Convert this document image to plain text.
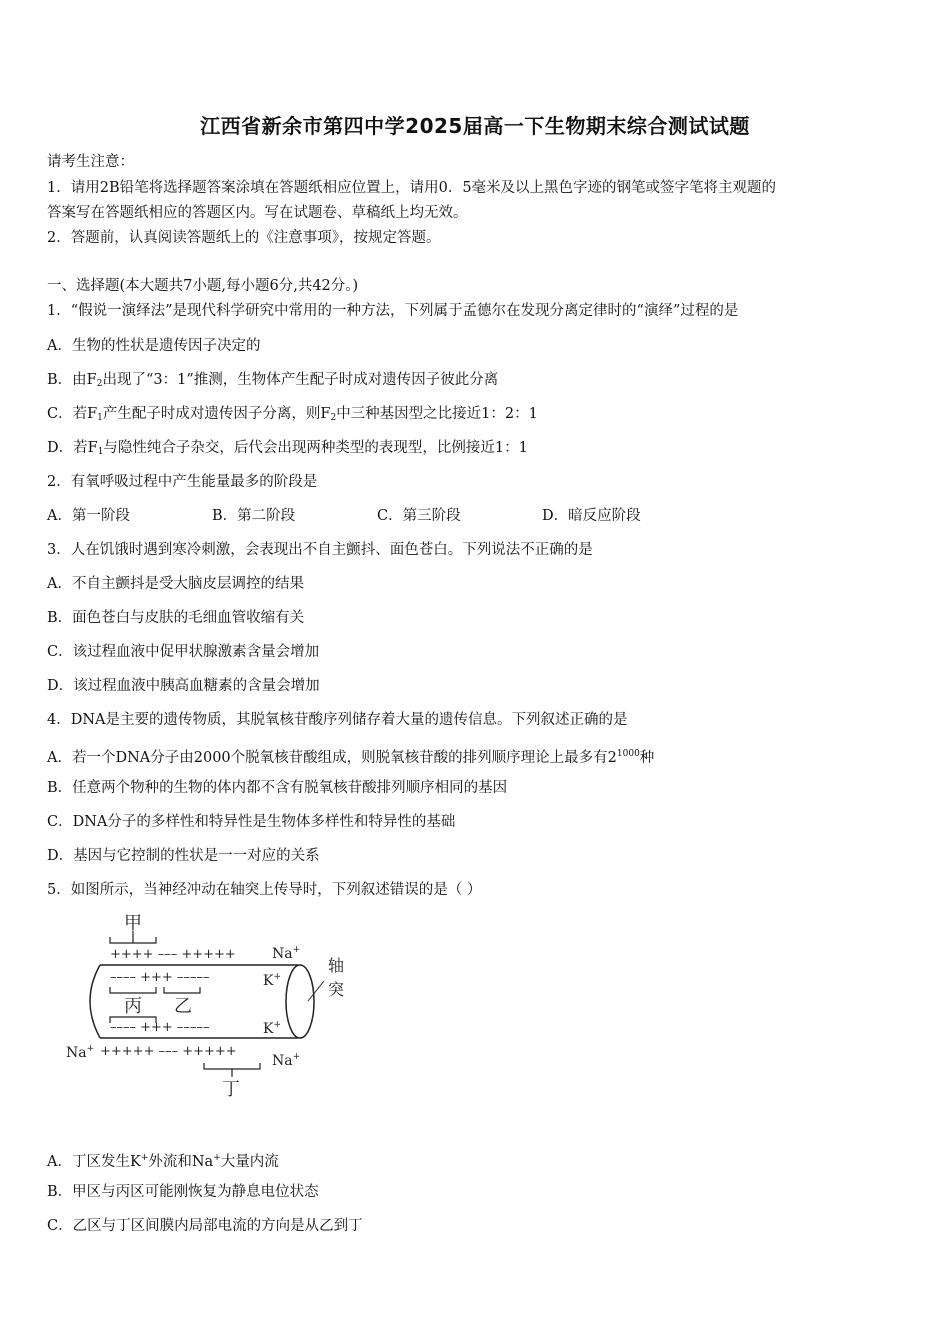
江西省新余市第四中学2025届高一下生物期末综合测试试题
请考生注意：
1．请用2B铅笔将选择题答案涂填在答题纸相应位置上，请用0．5毫米及以上黑色字迹的钢笔或签字笔将主观题的
答案写在答题纸相应的答题区内。写在试题卷、草稿纸上均无效。
2．答题前，认真阅读答题纸上的《注意事项》，按规定答题。
一、选择题(本大题共7小题,每小题6分,共42分。)
1．“假说一演绎法”是现代科学研究中常用的一种方法，下列属于孟德尔在发现分离定律时的“演绎”过程的是
A．生物的性状是遗传因子决定的
B．由$F_2$出现了“3：1”推测，生物体产生配子时成对遗传因子彼此分离
C．若$F_1$产生配子时成对遗传因子分离，则$F_2$中三种基因型之比接近1：2：1
D．若$F_1$与隐性纯合子杂交，后代会出现两种类型的表现型，比例接近1：1
2．有氧呼吸过程中产生能量最多的阶段是
A．第一阶段	B．第二阶段	C．第三阶段	D．暗反应阶段
3．人在饥饿时遇到寒冷刺激，会表现出不自主颤抖、面色苍白。下列说法不正确的是
A．不自主颤抖是受大脑皮层调控的结果
B．面色苍白与皮肤的毛细血管收缩有关
C．该过程血液中促甲状腺激素含量会增加
D．该过程血液中胰高血糖素的含量会增加
4．DNA是主要的遗传物质，其脱氧核苷酸序列储存着大量的遗传信息。下列叙述正确的是
A．若一个DNA分子由2000个脱氧核苷酸组成，则脱氧核苷酸的排列顺序理论上最多有$2^{1000}$种
B．任意两个物种的生物的体内都不含有脱氧核苷酸排列顺序相同的基因
C．DNA分子的多样性和特异性是生物体多样性和特异性的基础
D．基因与它控制的性状是一一对应的关系
5．如图所示，当神经冲动在轴突上传导时，下列叙述错误的是（ ）
甲
++++ ––– +++++	Na+
–––– +++ –––––	K+
丙 乙
–––– +++ –––––	K+
Na+ +++++ ––– +++++
Na+
丁
轴
突
A．丁区发生K+外流和Na+大量内流
B．甲区与丙区可能刚恢复为静息电位状态
C．乙区与丁区间膜内局部电流的方向是从乙到丁
